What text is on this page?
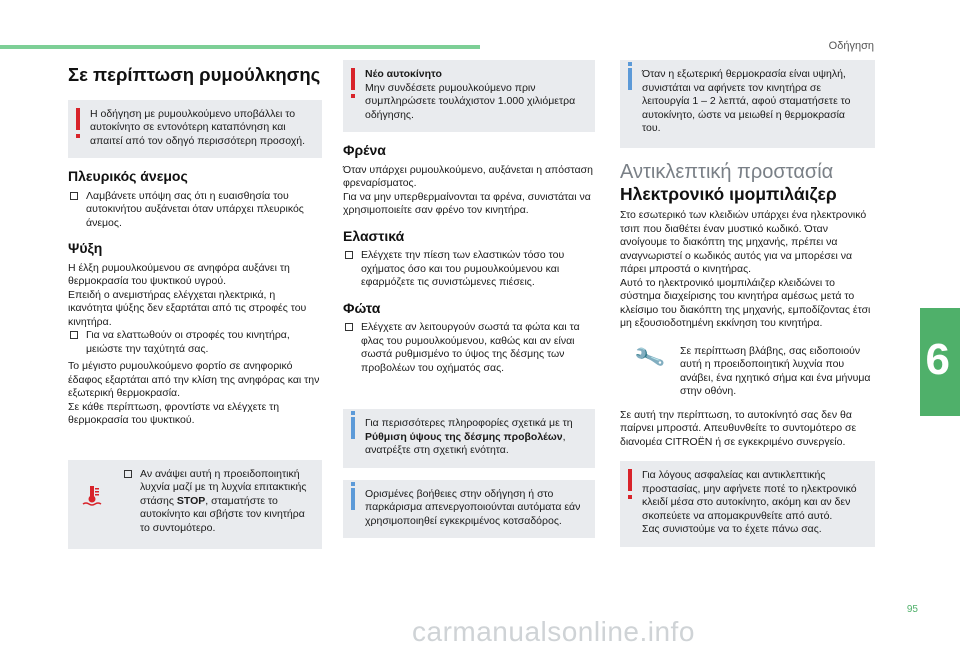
Οδήγηση
6
95
carmanualsonline.info
Σε περίπτωση ρυμούλκησης

Η οδήγηση με ρυμουλκούμενο υποβάλλει το αυτοκίνητο σε εντονότερη καταπόνηση και απαιτεί από τον οδηγό περισσότερη προσοχή.

Πλευρικός άνεμος
Λαμβάνετε υπόψη σας ότι η ευαισθησία του αυτοκινήτου αυξάνεται όταν υπάρχει πλευρικός άνεμος.
Ψύξη

Η έλξη ρυμουλκούμενου σε ανηφόρα αυξάνει τη θερμοκρασία του ψυκτικού υγρού.

Επειδή ο ανεμιστήρας ελέγχεται ηλεκτρικά, η ικανότητα ψύξης δεν εξαρτάται από τις στροφές του κινητήρα.

Για να ελαττωθούν οι στροφές του κινητήρα, μειώστε την ταχύτητά σας.

Το μέγιστο ρυμουλκούμενο φορτίο σε ανηφορικό έδαφος εξαρτάται από την κλίση της ανηφόρας και την εξωτερική θερμοκρασία.

Σε κάθε περίπτωση, φροντίστε να ελέγχετε τη θερμοκρασία του ψυκτικού.

Αν ανάψει αυτή η προειδοποιητική λυχνία μαζί με τη λυχνία επιτακτικής στάσης STOP, σταματήστε το αυτοκίνητο και σβήστε τον κινητήρα το συντομότερο.

Νέο αυτοκίνητο

Μην συνδέσετε ρυμουλκούμενο πριν συμπληρώσετε τουλάχιστον 1.000 χιλιόμετρα οδήγησης.

Φρένα

Όταν υπάρχει ρυμουλκούμενο, αυξάνεται η απόσταση φρεναρίσματος.

Για να μην υπερθερμαίνονται τα φρένα, συνιστάται να χρησιμοποιείτε σαν φρένο τον κινητήρα.

Ελαστικά
Ελέγχετε την πίεση των ελαστικών τόσο του οχήματος όσο και του ρυμουλκούμενου και εφαρμόζετε τις συνιστώμενες πιέσεις.
Φώτα
Ελέγχετε αν λειτουργούν σωστά τα φώτα και τα φλας του ρυμουλκούμενου, καθώς και αν είναι σωστά ρυθμισμένο το ύψος της δέσμης των προβολέων του οχήματός σας.

Για περισσότερες πληροφορίες σχετικά με τη Ρύθμιση ύψους της δέσμης προβολέων, ανατρέξτε στη σχετική ενότητα.

Ορισμένες βοήθειες στην οδήγηση ή στο παρκάρισμα απενεργοποιούνται αυτόματα εάν χρησιμοποιηθεί εγκεκριμένος κοτσαδόρος.

Όταν η εξωτερική θερμοκρασία είναι υψηλή, συνιστάται να αφήνετε τον κινητήρα σε λειτουργία 1 – 2 λεπτά, αφού σταματήσετε το αυτοκίνητο, ώστε να μειωθεί η θερμοκρασία του.

Αντικλεπτική προστασία
Ηλεκτρονικό ιμομπιλάιζερ

Στο εσωτερικό των κλειδιών υπάρχει ένα ηλεκτρονικό τσιπ που διαθέτει έναν μυστικό κωδικό. Όταν ανοίγουμε το διακόπτη της μηχανής, πρέπει να αναγνωριστεί ο κωδικός αυτός για να μπορέσει να πάρει μπροστά ο κινητήρας.

Αυτό το ηλεκτρονικό ιμομπιλάιζερ κλειδώνει το σύστημα διαχείρισης του κινητήρα αμέσως μετά το κλείσιμο του διακόπτη της μηχανής, εμποδίζοντας έτσι μη εξουσιοδοτημένη εκκίνηση του κινητήρα.

🔧 Σε περίπτωση βλάβης, σας ειδοποιούν αυτή η προειδοποιητική λυχνία που ανάβει, ένα ηχητικό σήμα και ένα μήνυμα στην οθόνη.

Σε αυτή την περίπτωση, το αυτοκίνητό σας δεν θα παίρνει μπροστά. Απευθυνθείτε το συντομότερο σε διανομέα CITROËN ή σε εγκεκριμένο συνεργείο.

Για λόγους ασφαλείας και αντικλεπτικής προστασίας, μην αφήνετε ποτέ το ηλεκτρονικό κλειδί μέσα στο αυτοκίνητο, ακόμη και αν δεν σκοπεύετε να απομακρυνθείτε από αυτό.

Σας συνιστούμε να το έχετε πάνω σας.
